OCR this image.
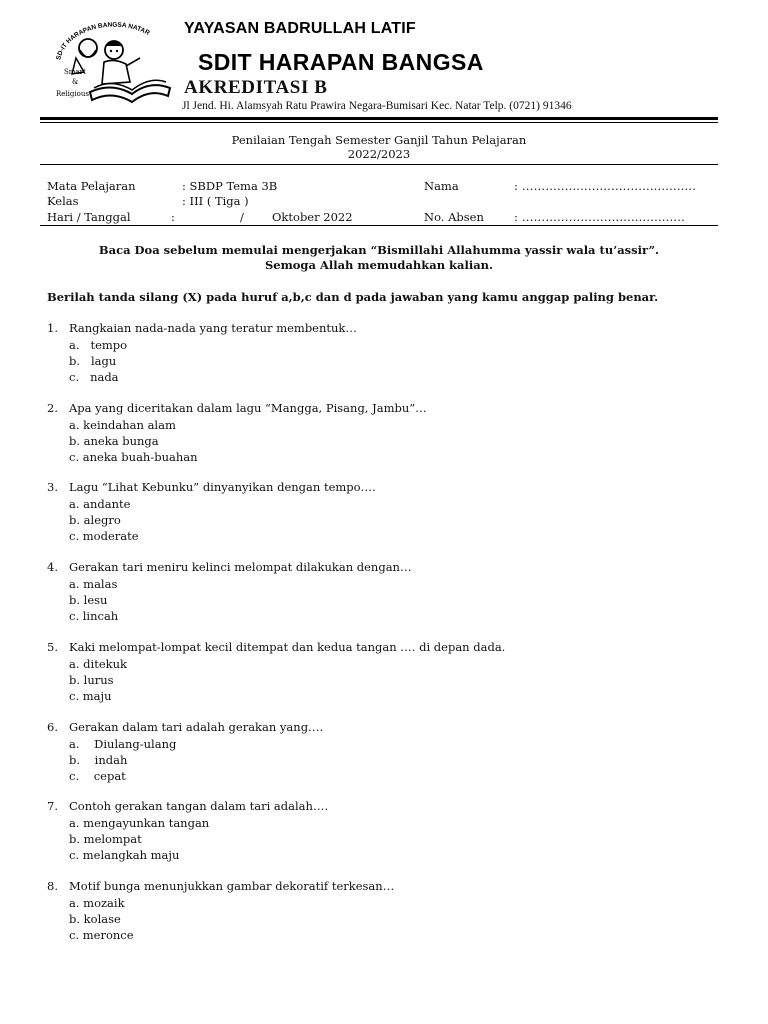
SD-IT HARAPAN BANGSA NATAR
Smart
&
Religious
YAYASAN BADRULLAH LATIF
SDIT HARAPAN BANGSA
AKREDITASI B
Jl Jend. Hi. Alamsyah Ratu Prawira Negara-Bumisari Kec. Natar Telp. (0721) 91346
Penilaian Tengah Semester Ganjil Tahun Pelajaran
2022/2023
Mata Pelajaran	: SBDP Tema 3B	Nama	: ………...............……...............
Kelas	: III ( Tiga )
Hari / Tanggal	:	/ Oktober 2022	No. Absen	: ……………………..................
Baca Doa sebelum memulai mengerjakan “Bismillahi Allahumma yassir wala tu’assir”.
Semoga Allah memudahkan kalian.
Berilah tanda silang (X) pada huruf a,b,c dan d pada jawaban yang kamu anggap paling benar.
1. Rangkaian nada-nada yang teratur membentuk…
a.   tempo
b.   lagu
c.   nada
2. Apa yang diceritakan dalam lagu “Mangga, Pisang, Jambu”…
a. keindahan alam
b. aneka bunga
c. aneka buah-buahan
3. Lagu “Lihat Kebunku” dinyanyikan dengan tempo….
a. andante
b. alegro
c. moderate
4. Gerakan tari meniru kelinci melompat dilakukan dengan…
a. malas
b. lesu
c. lincah
5. Kaki melompat-lompat kecil ditempat dan kedua tangan …. di depan dada.
a. ditekuk
b. lurus
c. maju
6. Gerakan dalam tari adalah gerakan yang….
a.    Diulang-ulang
b.    indah
c.    cepat
7. Contoh gerakan tangan dalam tari adalah….
a. mengayunkan tangan
b. melompat
c. melangkah maju
8. Motif bunga menunjukkan gambar dekoratif terkesan…
a. mozaik
b. kolase
c. meronce
